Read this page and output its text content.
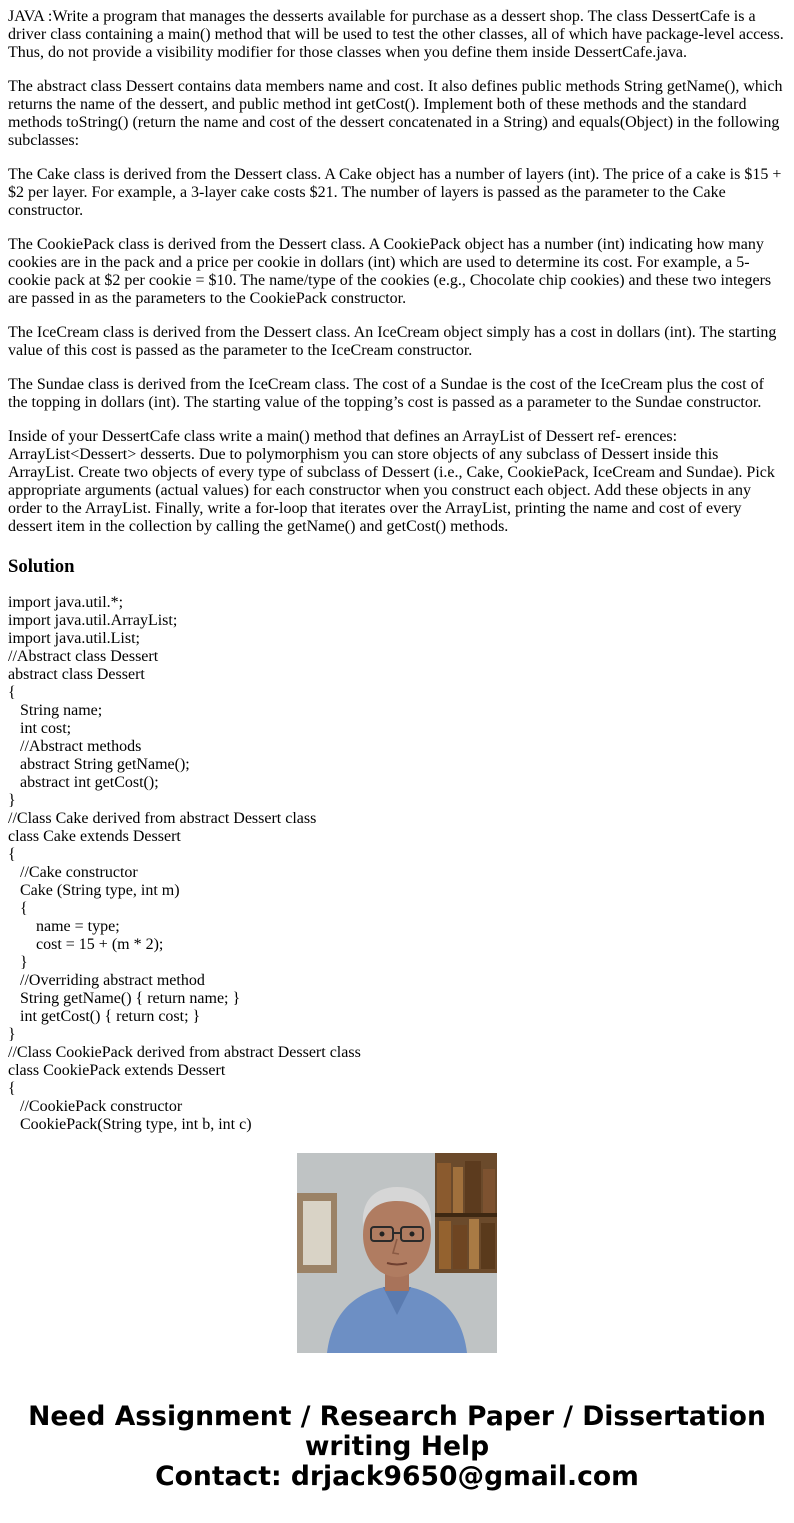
JAVA :Write a program that manages the desserts available for purchase as a dessert shop. The class DessertCafe is a driver class containing a main() method that will be used to test the other classes, all of which have package-level access. Thus, do not provide a visibility modifier for those classes when you define them inside DessertCafe.java.

The abstract class Dessert contains data members name and cost. It also defines public methods String getName(), which returns the name of the dessert, and public method int getCost(). Implement both of these methods and the standard methods toString() (return the name and cost of the dessert concatenated in a String) and equals(Object) in the following subclasses:

The Cake class is derived from the Dessert class. A Cake object has a number of layers (int). The price of a cake is $15 + $2 per layer. For example, a 3-layer cake costs $21. The number of layers is passed as the parameter to the Cake constructor.

The CookiePack class is derived from the Dessert class. A CookiePack object has a number (int) indicating how many cookies are in the pack and a price per cookie in dollars (int) which are used to determine its cost. For example, a 5-cookie pack at $2 per cookie = $10. The name/type of the cookies (e.g., Chocolate chip cookies) and these two integers are passed in as the parameters to the CookiePack constructor.

The IceCream class is derived from the Dessert class. An IceCream object simply has a cost in dollars (int). The starting value of this cost is passed as the parameter to the IceCream constructor.

The Sundae class is derived from the IceCream class. The cost of a Sundae is the cost of the IceCream plus the cost of the topping in dollars (int). The starting value of the topping’s cost is passed as a parameter to the Sundae constructor.

Inside of your DessertCafe class write a main() method that defines an ArrayList of Dessert ref- erences: ArrayList<Dessert> desserts. Due to polymorphism you can store objects of any subclass of Dessert inside this ArrayList. Create two objects of every type of subclass of Dessert (i.e., Cake, CookiePack, IceCream and Sundae). Pick appropriate arguments (actual values) for each constructor when you construct each object. Add these objects in any order to the ArrayList. Finally, write a for-loop that iterates over the ArrayList, printing the name and cost of every dessert item in the collection by calling the getName() and getCost() methods.

Solution
import java.util.*;
import java.util.ArrayList;
import java.util.List;
//Abstract class Dessert
abstract class Dessert
{
String name;
int cost;
//Abstract methods
abstract String getName();
abstract int getCost();
}
//Class Cake derived from abstract Dessert class
class Cake extends Dessert
{
//Cake constructor
Cake (String type, int m)
{
name = type;
cost = 15 + (m * 2);
}
//Overriding abstract method
String getName() { return name; }
int getCost() { return cost; }
}
//Class CookiePack derived from abstract Dessert class
class CookiePack extends Dessert
{
//CookiePack constructor
CookiePack(String type, int b, int c)
Need Assignment / Research Paper / Dissertation
writing Help
Contact: drjack9650@gmail.com
